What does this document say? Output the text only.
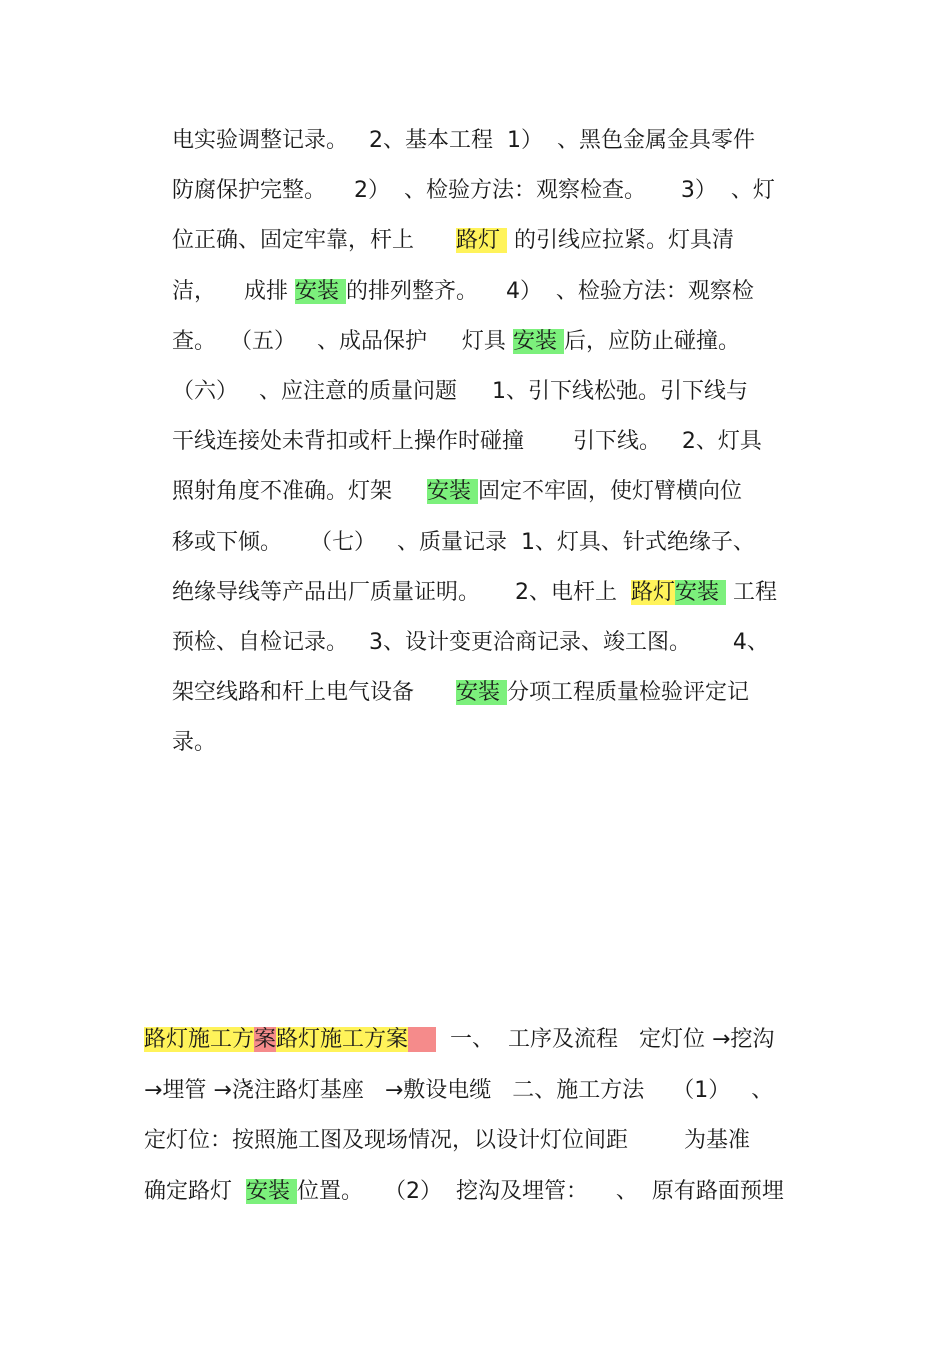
电实验调整记录。   2、基本工程  1）  、黑色金属金具零件
防腐保护完整。    2）  、检验方法：观察检查。     3）  、灯
位正确、固定牢靠，杆上      路灯  的引线应拉紧。灯具清
洁，    成排 安装 的排列整齐。    4）  、检验方法：观察检
查。  （五）   、成品保护     灯具 安装 后，应防止碰撞。
（六）   、应注意的质量问题     1、引下线松弛。引下线与
干线连接处未背扣或杆上操作时碰撞       引下线。   2、灯具
照射角度不准确。灯架     安装 固定不牢固，使灯臂横向位
移或下倾。    （七）   、质量记录  1、灯具、针式绝缘子、
绝缘导线等产品出厂质量证明。     2、电杆上  路灯安装  工程
预检、自检记录。   3、设计变更洽商记录、竣工图。      4、
架空线路和杆上电气设备      安装 分项工程质量检验评定记
录。
路灯施工方案路灯施工方案      一、  工序及流程   定灯位 →挖沟
→埋管 →浇注路灯基座   →敷设电缆   二、施工方法    （1）   、
定灯位：按照施工图及现场情况，以设计灯位间距        为基准
确定路灯  安装 位置。   （2）  挖沟及埋管：    、  原有路面预埋
